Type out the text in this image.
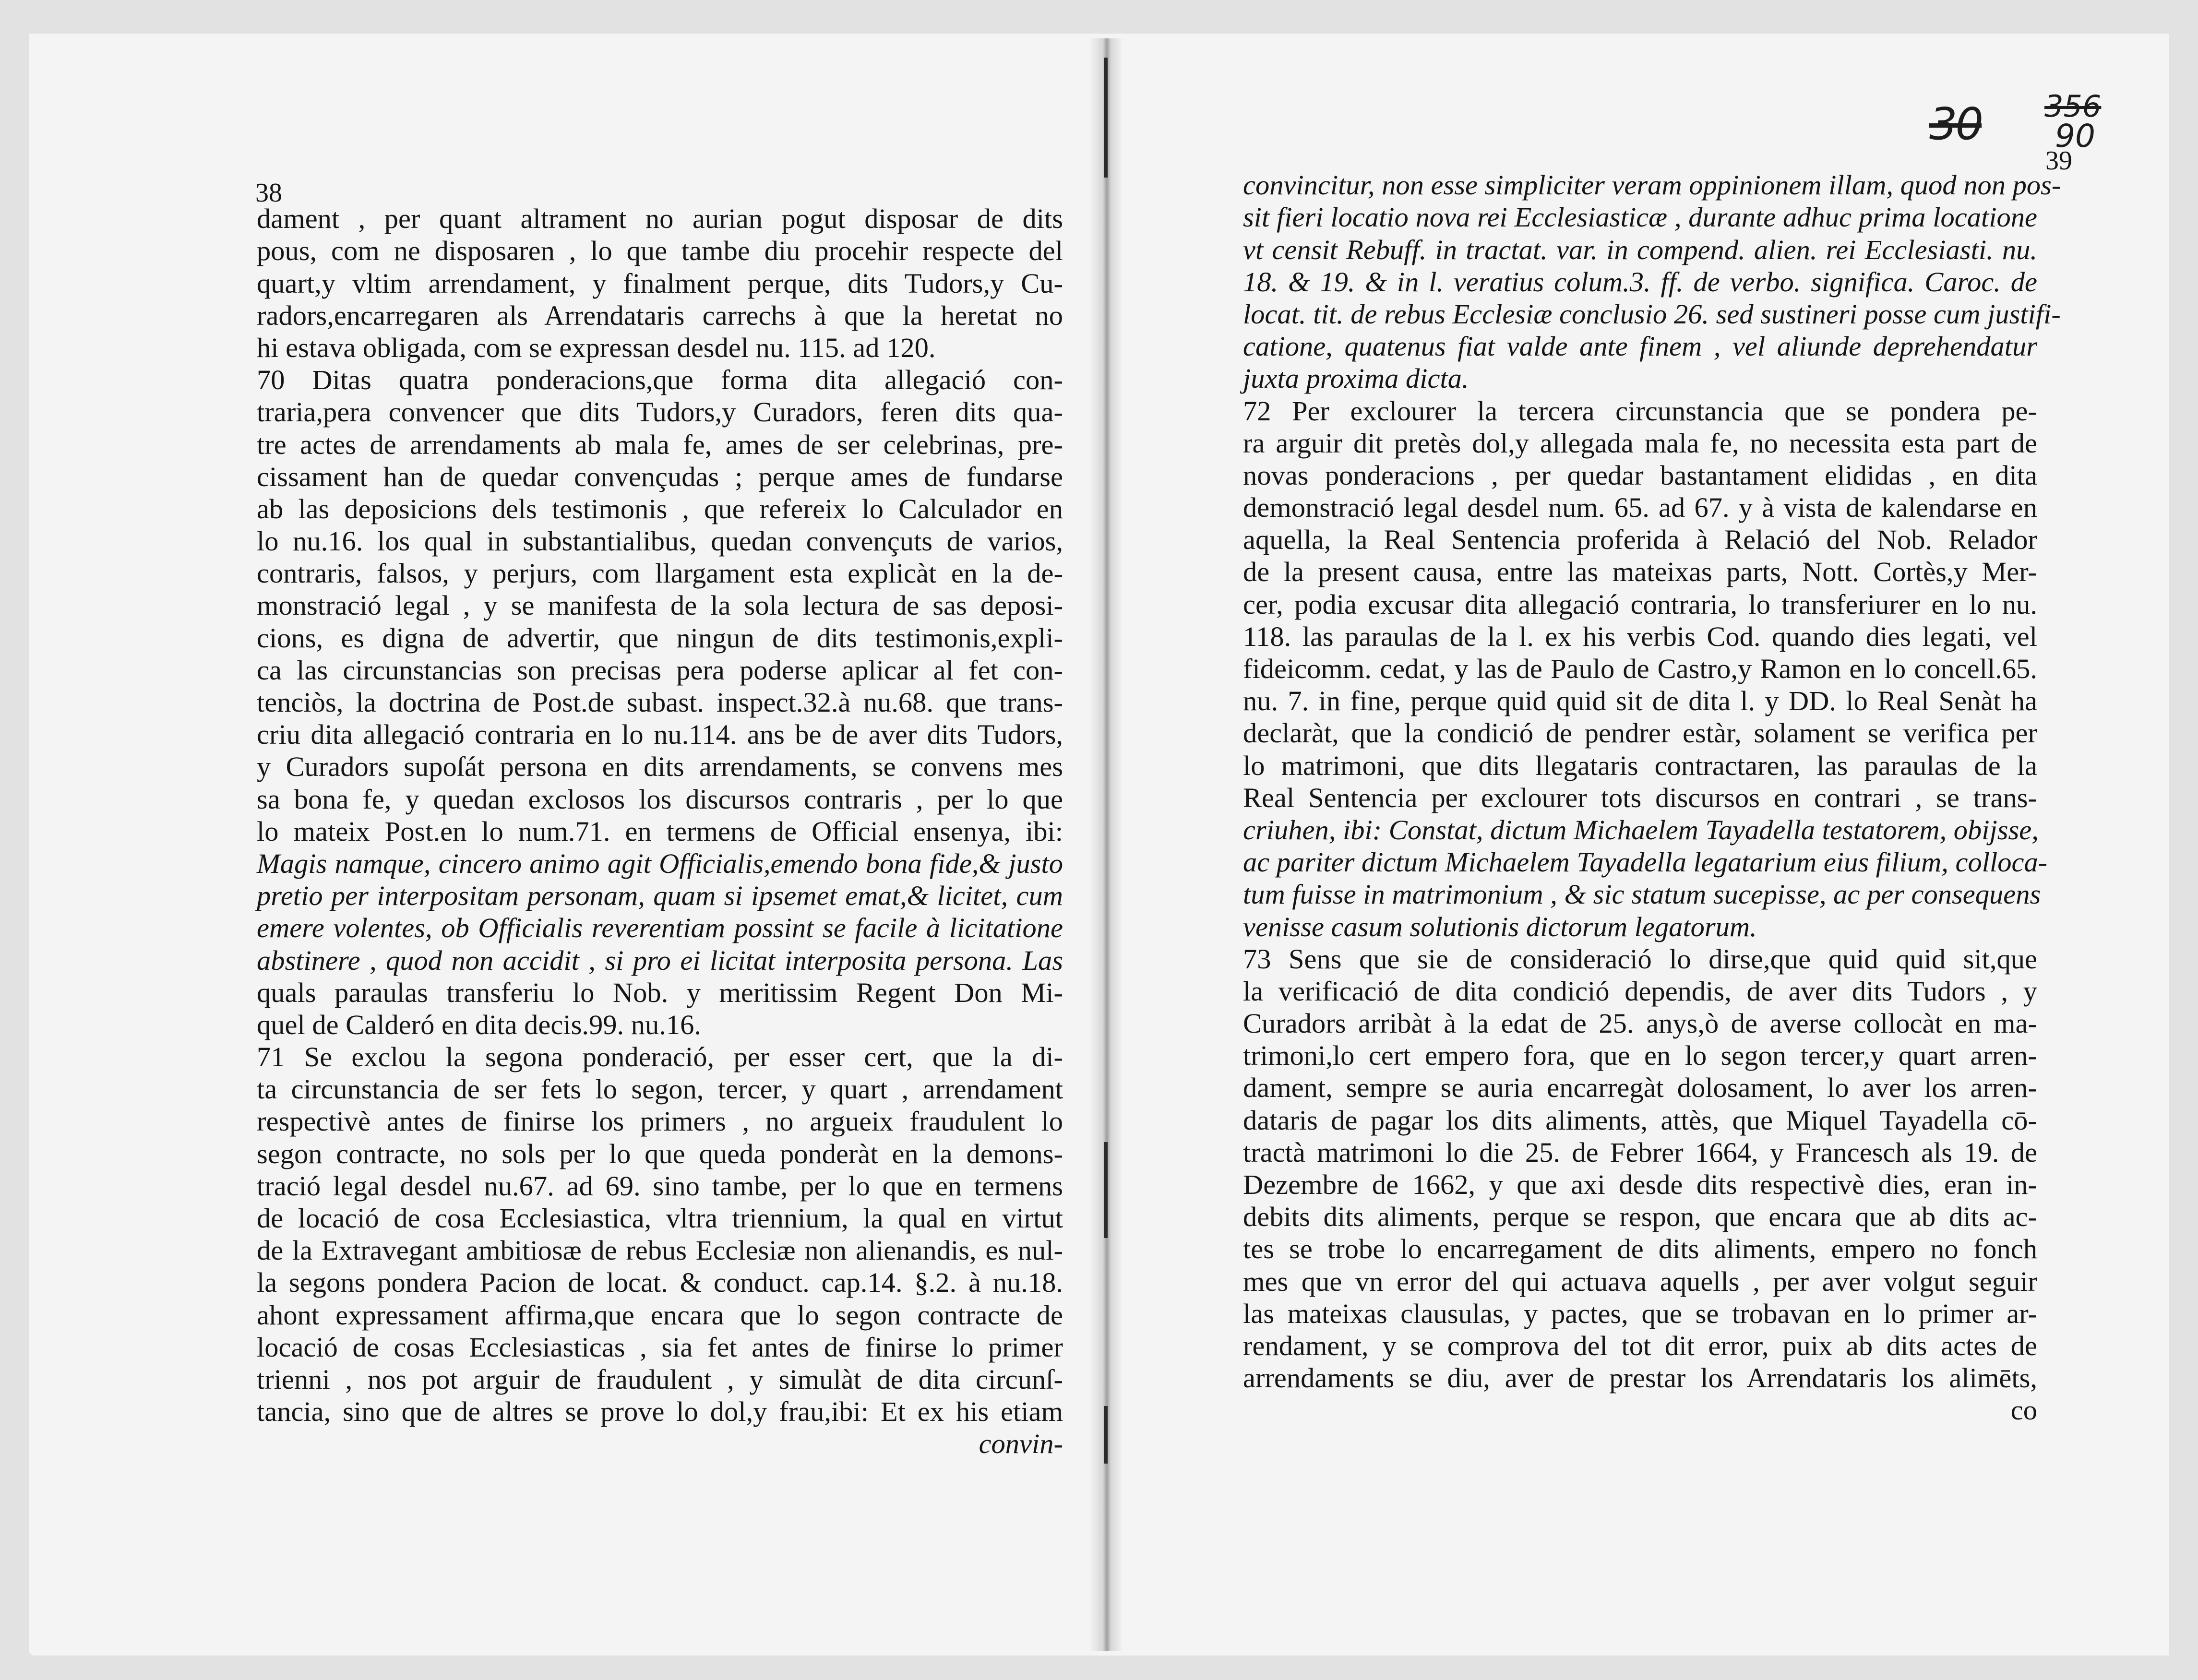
38
dament , per quant altrament no aurian pogut disposar de dits
pous, com ne disposaren , lo que tambe diu procehir respecte del
quart,y vltim arrendament, y finalment perque, dits Tudors,y Cu-
radors,encarregaren als Arrendataris carrechs à que la heretat no
hi estava obligada, com se expressan desdel nu. 115. ad 120.
70 Ditas quatra ponderacions,que forma dita allegació con-
traria,pera convencer que dits Tudors,y Curadors, feren dits qua-
tre actes de arrendaments ab mala fe, ames de ser celebrinas, pre-
cissament han de quedar convençudas ; perque ames de fundarse
ab las deposicions dels testimonis , que refereix lo Calculador en
lo nu.16. los qual in substantialibus, quedan convençuts de varios,
contraris, falsos, y perjurs, com llargament esta explicàt en la de-
monstració legal , y se manifesta de la sola lectura de sas deposi-
cions, es digna de advertir, que ningun de dits testimonis,expli-
ca las circunstancias son precisas pera poderse aplicar al fet con-
tenciòs, la doctrina de Post.de subast. inspect.32.à nu.68. que trans-
criu dita allegació contraria en lo nu.114. ans be de aver dits Tudors,
y Curadors supoſát persona en dits arrendaments, se convens mes
sa bona fe, y quedan exclosos los discursos contraris , per lo que
lo mateix Post.en lo num.71. en termens de Official ensenya, ibi:
Magis namque, cincero animo agit Officialis,emendo bona fide,& justo
pretio per interpositam personam, quam si ipsemet emat,& licitet, cum
emere volentes, ob Officialis reverentiam possint se facile à licitatione
abstinere , quod non accidit , si pro ei licitat interposita persona. Las
quals paraulas transferiu lo Nob. y meritissim Regent Don Mi-
quel de Calderó en dita decis.99. nu.16.
71 Se exclou la segona ponderació, per esser cert, que la di-
ta circunstancia de ser fets lo segon, tercer, y quart , arrendament
respectivè antes de finirse los primers , no argueix fraudulent lo
segon contracte, no sols per lo que queda ponderàt en la demons-
tració legal desdel nu.67. ad 69. sino tambe, per lo que en termens
de locació de cosa Ecclesiastica, vltra triennium, la qual en virtut
de la Extravegant ambitiosæ de rebus Ecclesiæ non alienandis, es nul-
la segons pondera Pacion de locat. & conduct. cap.14. §.2. à nu.18.
ahont expressament affirma,que encara que lo segon contracte de
locació de cosas Ecclesiasticas , sia fet antes de finirse lo primer
trienni , nos pot arguir de fraudulent , y simulàt de dita circunſ-
tancia, sino que de altres se prove lo dol,y frau,ibi: Et ex his etiam
convin-
30 356
90
39
convincitur, non esse simpliciter veram oppinionem illam, quod non pos-
sit fieri locatio nova rei Ecclesiasticæ , durante adhuc prima locatione
vt censit Rebuff. in tractat. var. in compend. alien. rei Ecclesiasti. nu.
18. & 19. & in l. veratius colum.3. ff. de verbo. significa. Caroc. de
locat. tit. de rebus Ecclesiæ conclusio 26. sed sustineri posse cum justifi-
catione, quatenus fiat valde ante finem , vel aliunde deprehendatur
juxta proxima dicta.
72 Per exclourer la tercera circunstancia que se pondera pe-
ra arguir dit pretès dol,y allegada mala fe, no necessita esta part de
novas ponderacions , per quedar bastantament elididas , en dita
demonstració legal desdel num. 65. ad 67. y à vista de kalendarse en
aquella, la Real Sentencia proferida à Relació del Nob. Relador
de la present causa, entre las mateixas parts, Nott. Cortès,y Mer-
cer, podia excusar dita allegació contraria, lo transferiurer en lo nu.
118. las paraulas de la l. ex his verbis Cod. quando dies legati, vel
fideicomm. cedat, y las de Paulo de Castro,y Ramon en lo concell.65.
nu. 7. in fine, perque quid quid sit de dita l. y DD. lo Real Senàt ha
declaràt, que la condició de pendrer estàr, solament se verifica per
lo matrimoni, que dits llegataris contractaren, las paraulas de la
Real Sentencia per exclourer tots discursos en contrari , se trans-
criuhen, ibi: Constat, dictum Michaelem Tayadella testatorem, obijsse,
ac pariter dictum Michaelem Tayadella legatarium eius filium, colloca-
tum fuisse in matrimonium , & sic statum sucepisse, ac per consequens
venisse casum solutionis dictorum legatorum.
73 Sens que sie de consideració lo dirse,que quid quid sit,que
la verificació de dita condició dependis, de aver dits Tudors , y
Curadors arribàt à la edat de 25. anys,ò de averse collocàt en ma-
trimoni,lo cert empero fora, que en lo segon tercer,y quart arren-
dament, sempre se auria encarregàt dolosament, lo aver los arren-
dataris de pagar los dits aliments, attès, que Miquel Tayadella cō-
tractà matrimoni lo die 25. de Febrer 1664, y Francesch als 19. de
Dezembre de 1662, y que axi desde dits respectivè dies, eran in-
debits dits aliments, perque se respon, que encara que ab dits ac-
tes se trobe lo encarregament de dits aliments, empero no fonch
mes que vn error del qui actuava aquells , per aver volgut seguir
las mateixas clausulas, y pactes, que se trobavan en lo primer ar-
rendament, y se comprova del tot dit error, puix ab dits actes de
arrendaments se diu, aver de prestar los Arrendataris los alimēts,
co
